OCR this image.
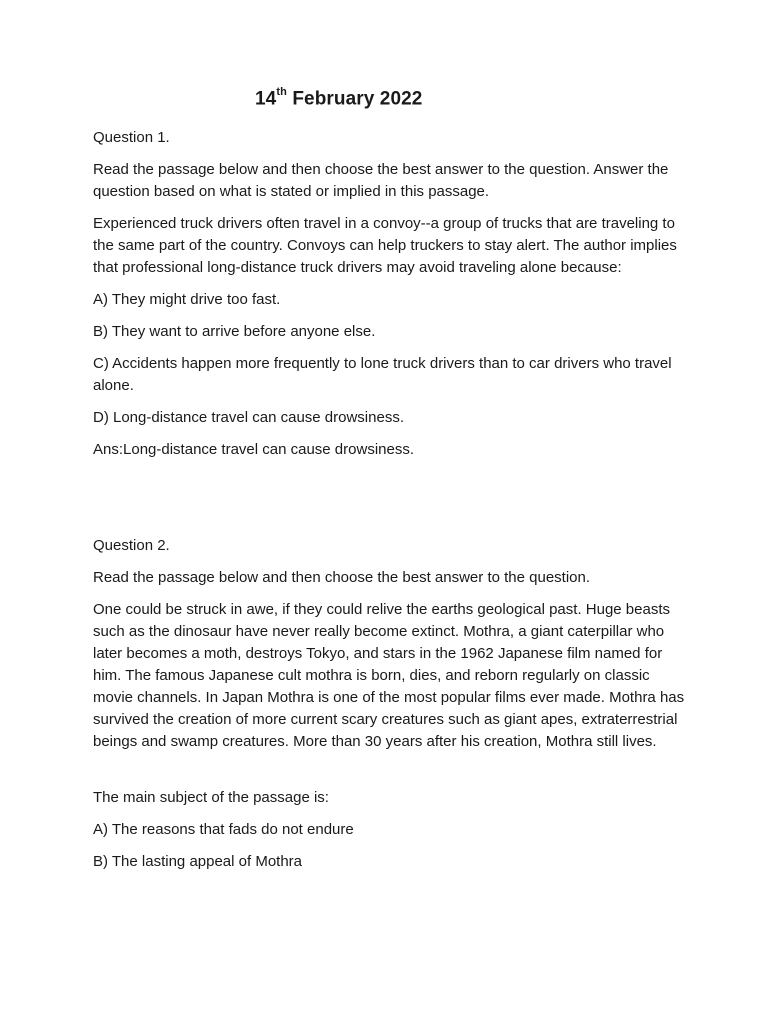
14th February 2022

Question 1.

Read the passage below and then choose the best answer to the question. Answer the question based on what is stated or implied in this passage.

Experienced truck drivers often travel in a convoy--a group of trucks that are traveling to the same part of the country. Convoys can help truckers to stay alert. The author implies that professional long-distance truck drivers may avoid traveling alone because:

A) They might drive too fast.

B) They want to arrive before anyone else.

C) Accidents happen more frequently to lone truck drivers than to car drivers who travel alone.

D) Long-distance travel can cause drowsiness.

Ans:Long-distance travel can cause drowsiness.

Question 2.

Read the passage below and then choose the best answer to the question.

One could be struck in awe, if they could relive the earths geological past. Huge beasts such as the dinosaur have never really become extinct. Mothra, a giant caterpillar who later becomes a moth, destroys Tokyo, and stars in the 1962 Japanese film named for him. The famous Japanese cult mothra is born, dies, and reborn regularly on classic movie channels. In Japan Mothra is one of the most popular films ever made. Mothra has survived the creation of more current scary creatures such as giant apes, extraterrestrial beings and swamp creatures. More than 30 years after his creation, Mothra still lives.

The main subject of the passage is:

A) The reasons that fads do not endure

B) The lasting appeal of Mothra
